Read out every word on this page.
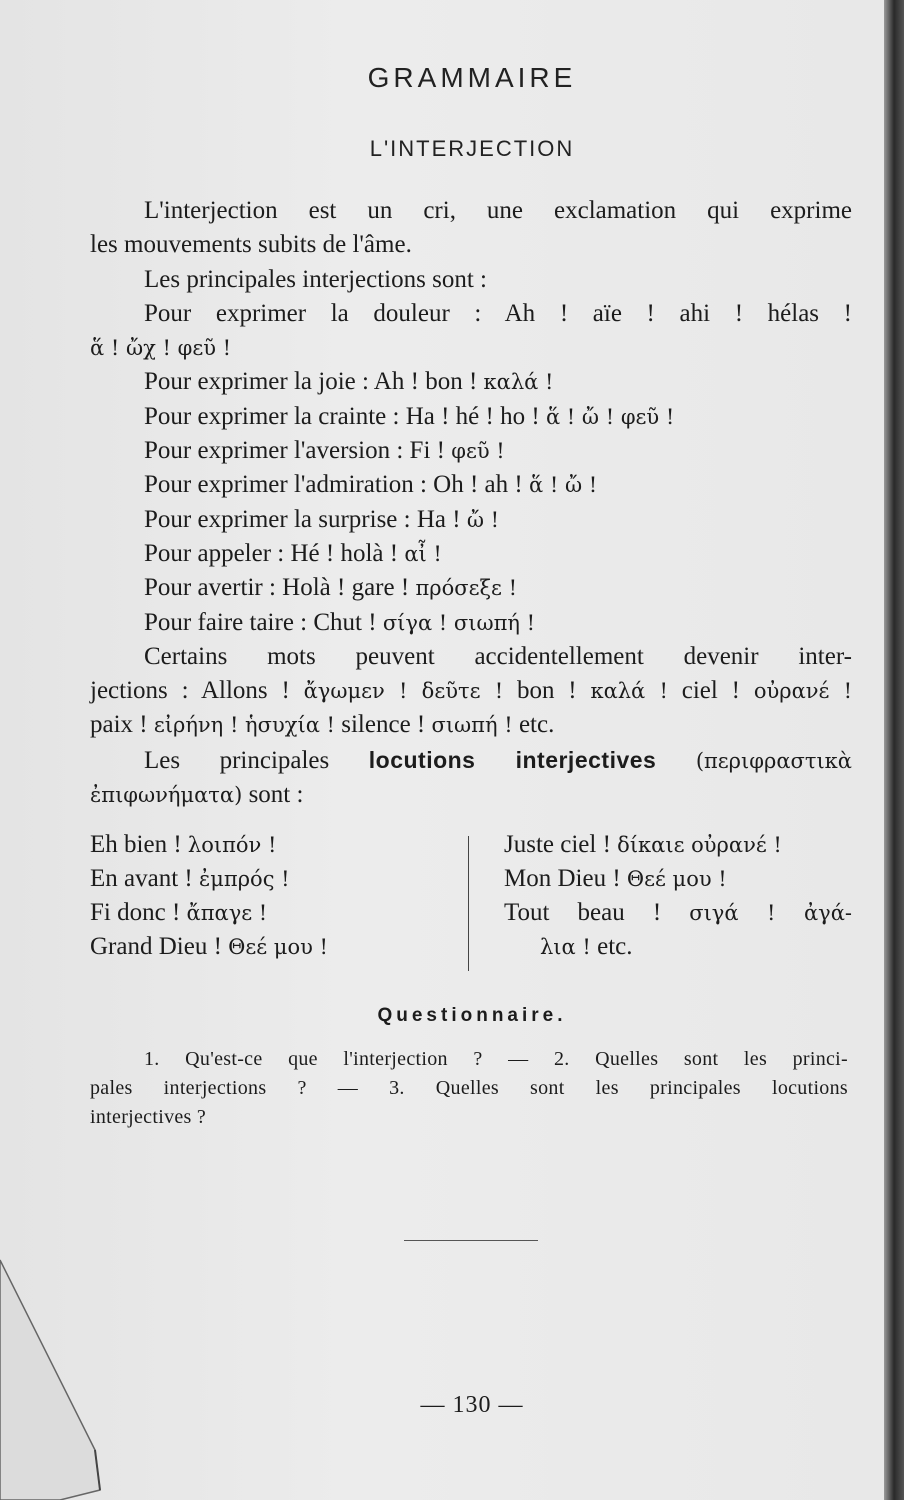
GRAMMAIRE
L'INTERJECTION

L'interjection est un cri, une exclamation qui exprime

les mouvements subits de l'âme.

Les principales interjections sont :

Pour exprimer la douleur : Ah ! aïe ! ahi ! hélas !

ἅ ! ὤχ ! φεῦ !

Pour exprimer la joie : Ah ! bon ! καλά !

Pour exprimer la crainte : Ha ! hé ! ho ! ἅ ! ὤ ! φεῦ !

Pour exprimer l'aversion : Fi ! φεῦ !

Pour exprimer l'admiration : Oh ! ah ! ἅ ! ὤ !

Pour exprimer la surprise : Ha ! ὤ !

Pour appeler : Hé ! holà ! αἶ !

Pour avertir : Holà ! gare ! πρόσεξε !

Pour faire taire : Chut ! σίγα ! σιωπή !

Certains mots peuvent accidentellement devenir inter-

jections : Allons ! ἄγωμεν ! δεῦτε ! bon ! καλά ! ciel ! οὐρανέ !

paix ! εἰρήνη ! ἡσυχία ! silence ! σιωπή ! etc.

Les principales locutions interjectives (περιφραστικὰ

ἐπιφωνήματα) sont :

Eh bien ! λοιπόν !
En avant ! ἐμπρός !
Fi donc ! ἄπαγε !
Grand Dieu ! Θεέ μου !
Juste ciel ! δίκαιε οὐρανέ !
Mon Dieu ! Θεέ μου !
Tout beau ! σιγά ! ἀγά-
λια ! etc.
Questionnaire.

1. Qu'est-ce que l'interjection ? — 2. Quelles sont les princi-

pales interjections ? — 3. Quelles sont les principales locutions

interjectives ?

— 130 —
